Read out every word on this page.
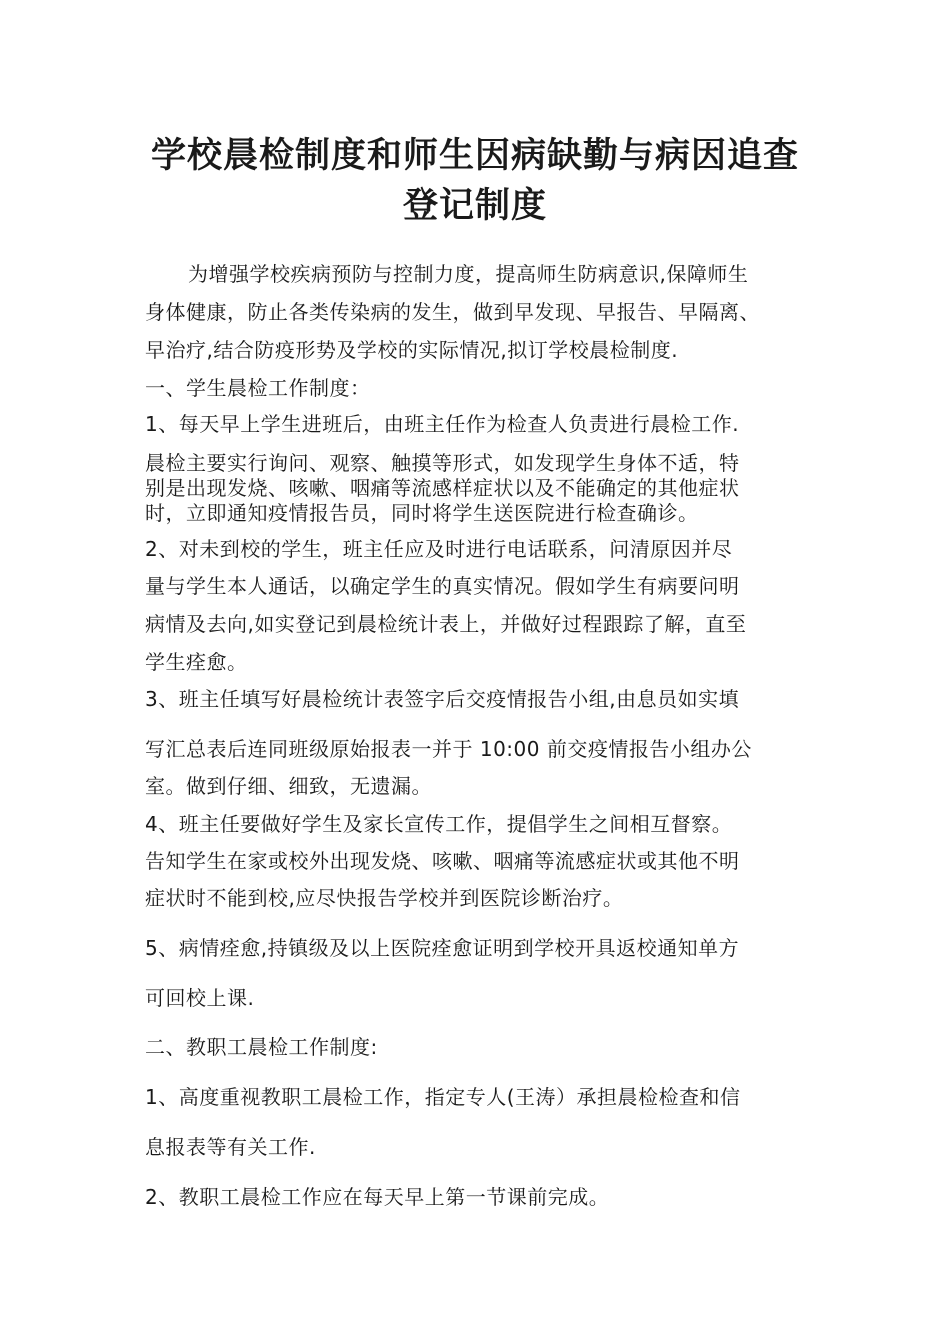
学校晨检制度和师生因病缺勤与病因追查
登记制度

为增强学校疾病预防与控制力度，提高师生防病意识,保障师生

身体健康，防止各类传染病的发生，做到早发现、早报告、早隔离、

早治疗,结合防疫形势及学校的实际情况,拟订学校晨检制度.

一、学生晨检工作制度：

1、每天早上学生进班后，由班主任作为检查人负责进行晨检工作.

晨检主要实行询问、观察、触摸等形式，如发现学生身体不适，特

别是出现发烧、咳嗽、咽痛等流感样症状以及不能确定的其他症状

时，立即通知疫情报告员，同时将学生送医院进行检查确诊。

2、对未到校的学生，班主任应及时进行电话联系，问清原因并尽

量与学生本人通话，以确定学生的真实情况。假如学生有病要问明

病情及去向,如实登记到晨检统计表上，并做好过程跟踪了解，直至

学生痊愈。

3、班主任填写好晨检统计表签字后交疫情报告小组,由息员如实填

写汇总表后连同班级原始报表一并于 10:00 前交疫情报告小组办公

室。做到仔细、细致，无遗漏。

4、班主任要做好学生及家长宣传工作，提倡学生之间相互督察。

告知学生在家或校外出现发烧、咳嗽、咽痛等流感症状或其他不明

症状时不能到校,应尽快报告学校并到医院诊断治疗。

5、病情痊愈,持镇级及以上医院痊愈证明到学校开具返校通知单方

可回校上课.

二、教职工晨检工作制度:

1、高度重视教职工晨检工作，指定专人(王涛）承担晨检检查和信

息报表等有关工作.

2、教职工晨检工作应在每天早上第一节课前完成。
